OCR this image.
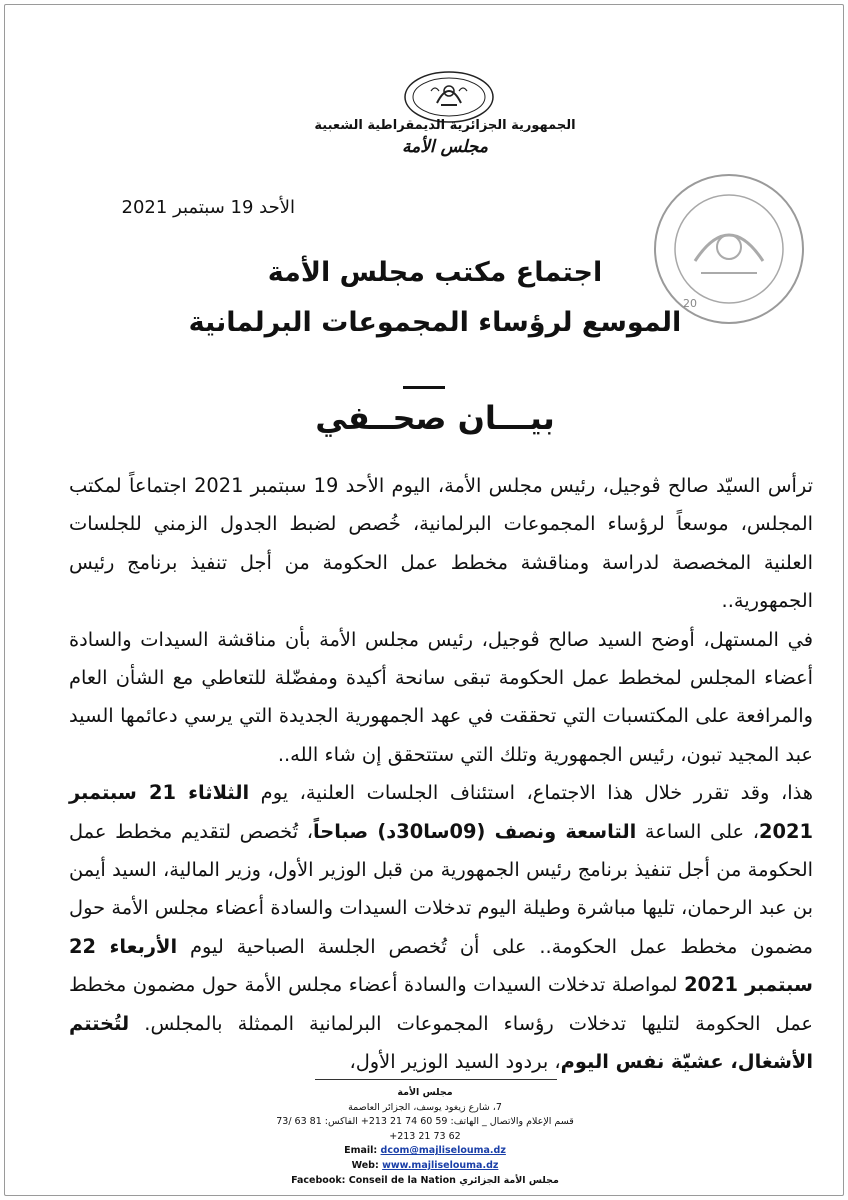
الجمهورية الجزائرية الديمقراطية الشعبية
مجلس الأمة
الأحد 19 سبتمبر 2021
20
اجتماع مكتب مجلس الأمة
الموسع لرؤساء المجموعات البرلمانية
بيـــان صحــفي

ترأس السيّد صالح ڤوجيل، رئيس مجلس الأمة، اليوم الأحد 19 سبتمبر 2021 اجتماعاً لمكتب المجلس، موسعاً لرؤساء المجموعات البرلمانية، خُصص لضبط الجدول الزمني للجلسات العلنية المخصصة لدراسة ومناقشة مخطط عمل الحكومة من أجل تنفيذ برنامج رئيس الجمهورية..

في المستهل، أوضح السيد صالح ڤوجيل، رئيس مجلس الأمة بأن مناقشة السيدات والسادة أعضاء المجلس لمخطط عمل الحكومة تبقى سانحة أكيدة ومفضّلة للتعاطي مع الشأن العام والمرافعة على المكتسبات التي تحققت في عهد الجمهورية الجديدة التي يرسي دعائمها السيد عبد المجيد تبون، رئيس الجمهورية وتلك التي ستتحقق إن شاء الله..

هذا، وقد تقرر خلال هذا الاجتماع، استئناف الجلسات العلنية، يوم الثلاثاء 21 سبتمبر 2021، على الساعة التاسعة ونصف (09سا30د) صباحاً، تُخصص لتقديم مخطط عمل الحكومة من أجل تنفيذ برنامج رئيس الجمهورية من قبل الوزير الأول، وزير المالية، السيد أيمن بن عبد الرحمان، تليها مباشرة وطيلة اليوم تدخلات السيدات والسادة أعضاء مجلس الأمة حول مضمون مخطط عمل الحكومة.. على أن تُخصص الجلسة الصباحية ليوم الأربعاء 22 سبتمبر 2021 لمواصلة تدخلات السيدات والسادة أعضاء مجلس الأمة حول مضمون مخطط عمل الحكومة لتليها تدخلات رؤساء المجموعات البرلمانية الممثلة بالمجلس. لتُختتم الأشغال، عشيّة نفس اليوم، بردود السيد الوزير الأول،

مجلس الأمة
7، شارع زيغود يوسف، الجزائر العاصمة
قسم الإعلام والاتصال _ الهاتف: 59 60 74 21 213+ الفاكس: 81 63 /73 62 73 21 213+
Email: dcom@majliselouma.dz
Web: www.majliselouma.dz
مجلس الأمة الجزائري Facebook: Conseil de la Nation
